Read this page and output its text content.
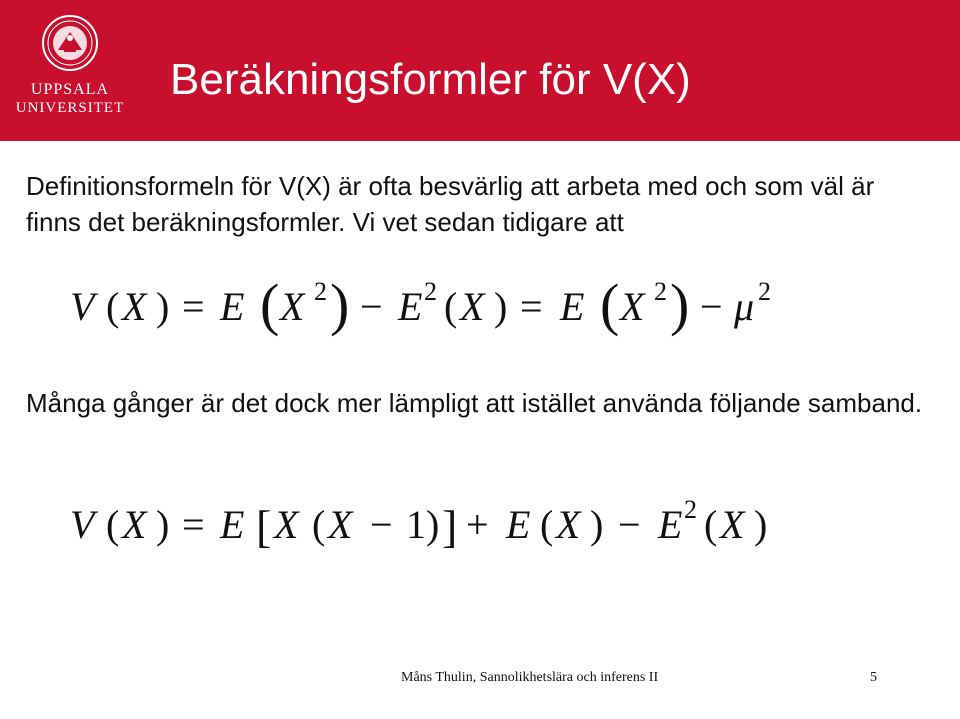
UPPSALA
UNIVERSITET
Beräkningsformler för V(X)

Definitionsformeln för V(X) är ofta besvärlig att arbeta med och som väl är finns det beräkningsformler. Vi vet sedan tidigare att

V ( X ) = E ( X 2 ) − E 2 ( X ) = E ( X 2 ) − μ 2

Många gånger är det dock mer lämpligt att istället använda följande samband.

V ( X ) = E [ X ( X − 1 ) ] + E ( X ) − E 2 ( X )
Måns Thulin, Sannolikhetslära och inferens II	5
